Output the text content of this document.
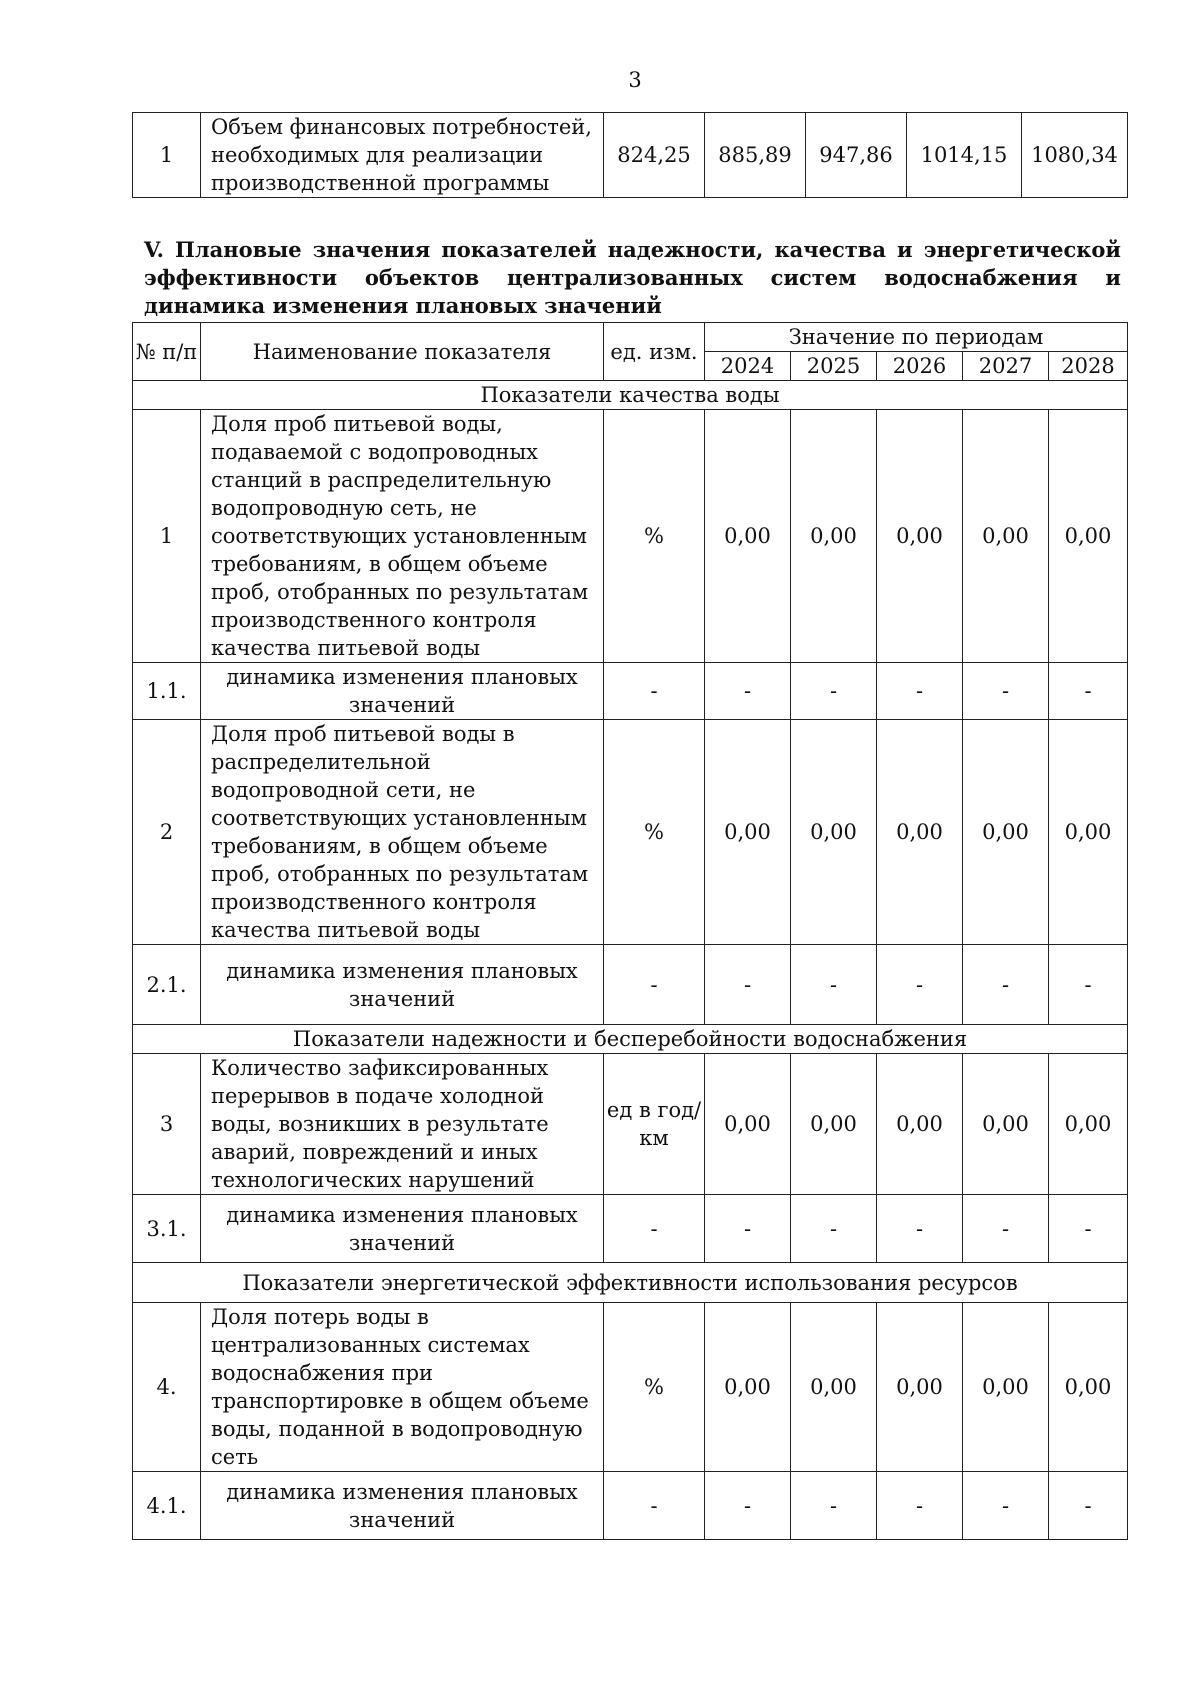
3
1	Объем финансовых потребностей, необходимых для реализации производственной программы	824,25	885,89	947,86	1014,15	1080,34
V. Плановые значения показателей надежности, качества и энергетической эффективности объектов централизованных систем водоснабжения и динамика изменения плановых значений
№ п/п	Наименование показателя	ед. изм.	Значение по периодам				
			2024	2025	2026	2027	2028
Показатели качества воды							
1	Доля проб питьевой воды, подаваемой с водопроводных станций в распределительную водопроводную сеть, не соответствующих установленным требованиям, в общем объеме проб, отобранных по результатам производственного контроля качества питьевой воды	%	0,00	0,00	0,00	0,00	0,00
1.1.	динамика изменения плановых значений	-	-	-	-	-	-
2	Доля проб питьевой воды в распределительной водопроводной сети, не соответствующих установленным требованиям, в общем объеме проб, отобранных по результатам производственного контроля качества питьевой воды	%	0,00	0,00	0,00	0,00	0,00
2.1.	динамика изменения плановых значений	-	-	-	-	-	-
Показатели надежности и бесперебойности водоснабжения							
3	Количество зафиксированных перерывов в подаче холодной воды, возникших в результате аварий, повреждений и иных технологических нарушений	ед в год/ км	0,00	0,00	0,00	0,00	0,00
3.1.	динамика изменения плановых значений	-	-	-	-	-	-
Показатели энергетической эффективности использования ресурсов							
4.	Доля потерь воды в централизованных системах водоснабжения при транспортировке в общем объеме воды, поданной в водопроводную сеть	%	0,00	0,00	0,00	0,00	0,00
4.1.	динамика изменения плановых значений	-	-	-	-	-	-
